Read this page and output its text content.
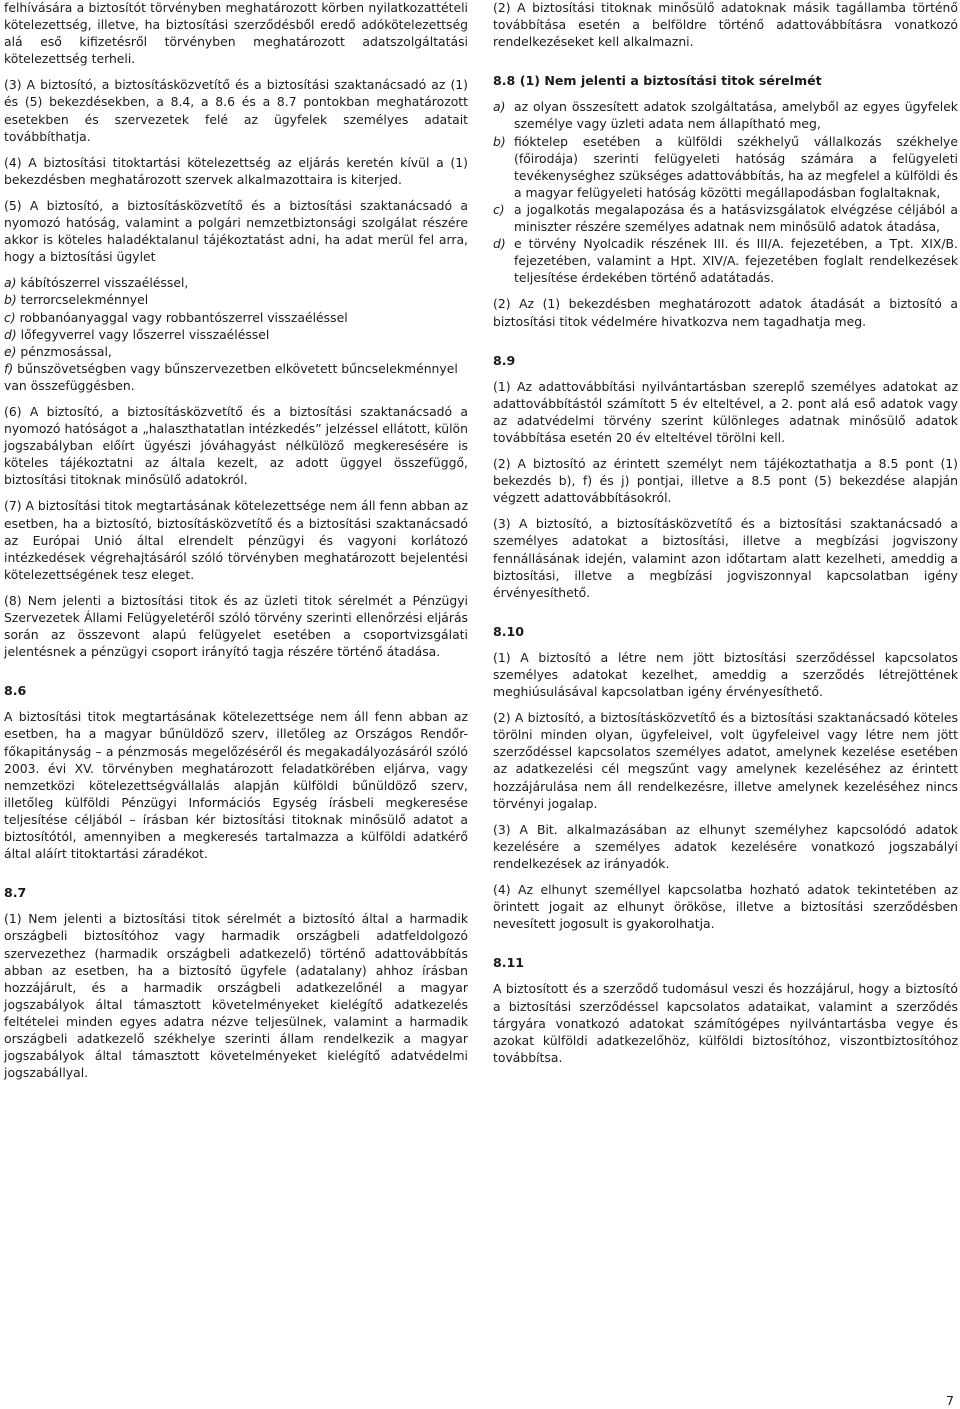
felhívására a biztosítót törvényben meghatározott körben nyilatkozattételi kötelezettség, illetve, ha biztosítási szerződésből eredő adókötelezettség alá eső kifizetésről törvényben meghatározott adatszolgáltatási kötelezettség terheli.

(3) A biztosító, a biztosításközvetítő és a biztosítási szaktanácsadó az (1) és (5) bekezdésekben, a 8.4, a 8.6 és a 8.7 pontokban meghatározott esetekben és szervezetek felé az ügyfelek személyes adatait továbbíthatja.

(4) A biztosítási titoktartási kötelezettség az eljárás keretén kívül a (1) bekezdésben meghatározott szervek alkalmazottaira is kiterjed.

(5) A biztosító, a biztosításközvetítő és a biztosítási szaktanácsadó a nyomozó hatóság, valamint a polgári nemzetbiztonsági szolgálat részére akkor is köteles haladéktalanul tájékoztatást adni, ha adat merül fel arra, hogy a biztosítási ügylet

a) kábítószerrel visszaéléssel,
b) terrorcselekménnyel
c) robbanóanyaggal vagy robbantószerrel visszaéléssel
d) lőfegyverrel vagy lőszerrel visszaéléssel
e) pénzmosással,
f) bűnszövetségben vagy bűnszervezetben elkövetett bűncselekménnyel van összefüggésben.

(6) A biztosító, a biztosításközvetítő és a biztosítási szaktanácsadó a nyomozó hatóságot a „halaszthatatlan intézkedés” jelzéssel ellátott, külön jogszabályban előírt ügyészi jóváhagyást nélkülöző megkeresésére is köteles tájékoztatni az általa kezelt, az adott üggyel összefüggő, biztosítási titoknak minősülő adatokról.

(7) A biztosítási titok megtartásának kötelezettsége nem áll fenn abban az esetben, ha a biztosító, biztosításközvetítő és a biztosítási szaktanácsadó az Európai Unió által elrendelt pénzügyi és vagyoni korlátozó intézkedések végrehajtásáról szóló törvényben meghatározott bejelentési kötelezettségének tesz eleget.

(8) Nem jelenti a biztosítási titok és az üzleti titok sérelmét a Pénzügyi Szervezetek Állami Felügyeletéről szóló törvény szerinti ellenőrzési eljárás során az összevont alapú felügyelet esetében a csoportvizsgálati jelentésnek a pénzügyi csoport irányító tagja részére történő átadása.

8.6

A biztosítási titok megtartásának kötelezettsége nem áll fenn abban az esetben, ha a magyar bűnüldöző szerv, illetőleg az Országos Rendőr-főkapitányság – a pénzmosás megelőzéséről és megakadályozásáról szóló 2003. évi XV. törvényben meghatározott feladatkörében eljárva, vagy nemzetközi kötelezettségvállalás alapján külföldi bűnüldöző szerv, illetőleg külföldi Pénzügyi Információs Egység írásbeli megkeresése teljesítése céljából – írásban kér biztosítási titoknak minősülő adatot a biztosítótól, amennyiben a megkeresés tartalmazza a külföldi adatkérő által aláírt titoktartási záradékot.

8.7

(1) Nem jelenti a biztosítási titok sérelmét a biztosító által a harmadik országbeli biztosítóhoz vagy harmadik országbeli adatfeldolgozó szervezethez (harmadik országbeli adatkezelő) történő adattovábbítás abban az esetben, ha a biztosító ügyfele (adatalany) ahhoz írásban hozzájárult, és a harmadik országbeli adatkezelőnél a magyar jogszabályok által támasztott követelményeket kielégítő adatkezelés feltételei minden egyes adatra nézve teljesülnek, valamint a harmadik országbeli adatkezelő székhelye szerinti állam rendelkezik a magyar jogszabályok által támasztott követelményeket kielégítő adatvédelmi jogszabállyal.

(2) A biztosítási titoknak minősülő adatoknak másik tagállamba történő továbbítása esetén a belföldre történő adattovábbításra vonatkozó rendelkezéseket kell alkalmazni.

8.8 (1) Nem jelenti a biztosítási titok sérelmét
a) az olyan összesített adatok szolgáltatása, amelyből az egyes ügyfelek személye vagy üzleti adata nem állapítható meg,
b) fióktelep esetében a külföldi székhelyű vállalkozás székhelye (főirodája) szerinti felügyeleti hatóság számára a felügyeleti tevékenységhez szükséges adattovábbítás, ha az megfelel a külföldi és a magyar felügyeleti hatóság közötti megállapodásban foglaltaknak,
c) a jogalkotás megalapozása és a hatásvizsgálatok elvégzése céljából a miniszter részére személyes adatnak nem minősülő adatok átadása,
d) e törvény Nyolcadik részének III. és III/A. fejezetében, a Tpt. XIX/B. fejezetében, valamint a Hpt. XIV/A. fejezetében foglalt rendelkezések teljesítése érdekében történő adatátadás.

(2) Az (1) bekezdésben meghatározott adatok átadását a biztosító a biztosítási titok védelmére hivatkozva nem tagadhatja meg.

8.9

(1) Az adattovábbítási nyilvántartásban szereplő személyes adatokat az adattovábbítástól számított 5 év elteltével, a 2. pont alá eső adatok vagy az adatvédelmi törvény szerint különleges adatnak minősülő adatok továbbítása esetén 20 év elteltével törölni kell.

(2) A biztosító az érintett személyt nem tájékoztathatja a 8.5 pont (1) bekezdés b), f) és j) pontjai, illetve a 8.5 pont (5) bekezdése alapján végzett adattovábbításokról.

(3) A biztosító, a biztosításközvetítő és a biztosítási szaktanácsadó a személyes adatokat a biztosítási, illetve a megbízási jogviszony fennállásának idején, valamint azon időtartam alatt kezelheti, ameddig a biztosítási, illetve a megbízási jogviszonnyal kapcsolatban igény érvényesíthető.

8.10

(1) A biztosító a létre nem jött biztosítási szerződéssel kapcsolatos személyes adatokat kezelhet, ameddig a szerződés létrejöttének meghiúsulásával kapcsolatban igény érvényesíthető.

(2) A biztosító, a biztosításközvetítő és a biztosítási szaktanácsadó köteles törölni minden olyan, ügyfeleivel, volt ügyfeleivel vagy létre nem jött szerződéssel kapcsolatos személyes adatot, amelynek kezelése esetében az adatkezelési cél megszűnt vagy amelynek kezeléséhez az érintett hozzájárulása nem áll rendelkezésre, illetve amelynek kezeléséhez nincs törvényi jogalap.

(3) A Bit. alkalmazásában az elhunyt személyhez kapcsolódó adatok kezelésére a személyes adatok kezelésére vonatkozó jogszabályi rendelkezések az irányadók.

(4) Az elhunyt személlyel kapcsolatba hozható adatok tekintetében az örintett jogait az elhunyt örököse, illetve a biztosítási szerződésben nevesített jogosult is gyakorolhatja.

8.11

A biztosított és a szerződő tudomásul veszi és hozzájárul, hogy a biztosító a biztosítási szerződéssel kapcsolatos adataikat, valamint a szerződés tárgyára vonatkozó adatokat számítógépes nyilvántartásba vegye és azokat külföldi adatkezelőhöz, külföldi biztosítóhoz, viszontbiztosítóhoz továbbítsa.

7
